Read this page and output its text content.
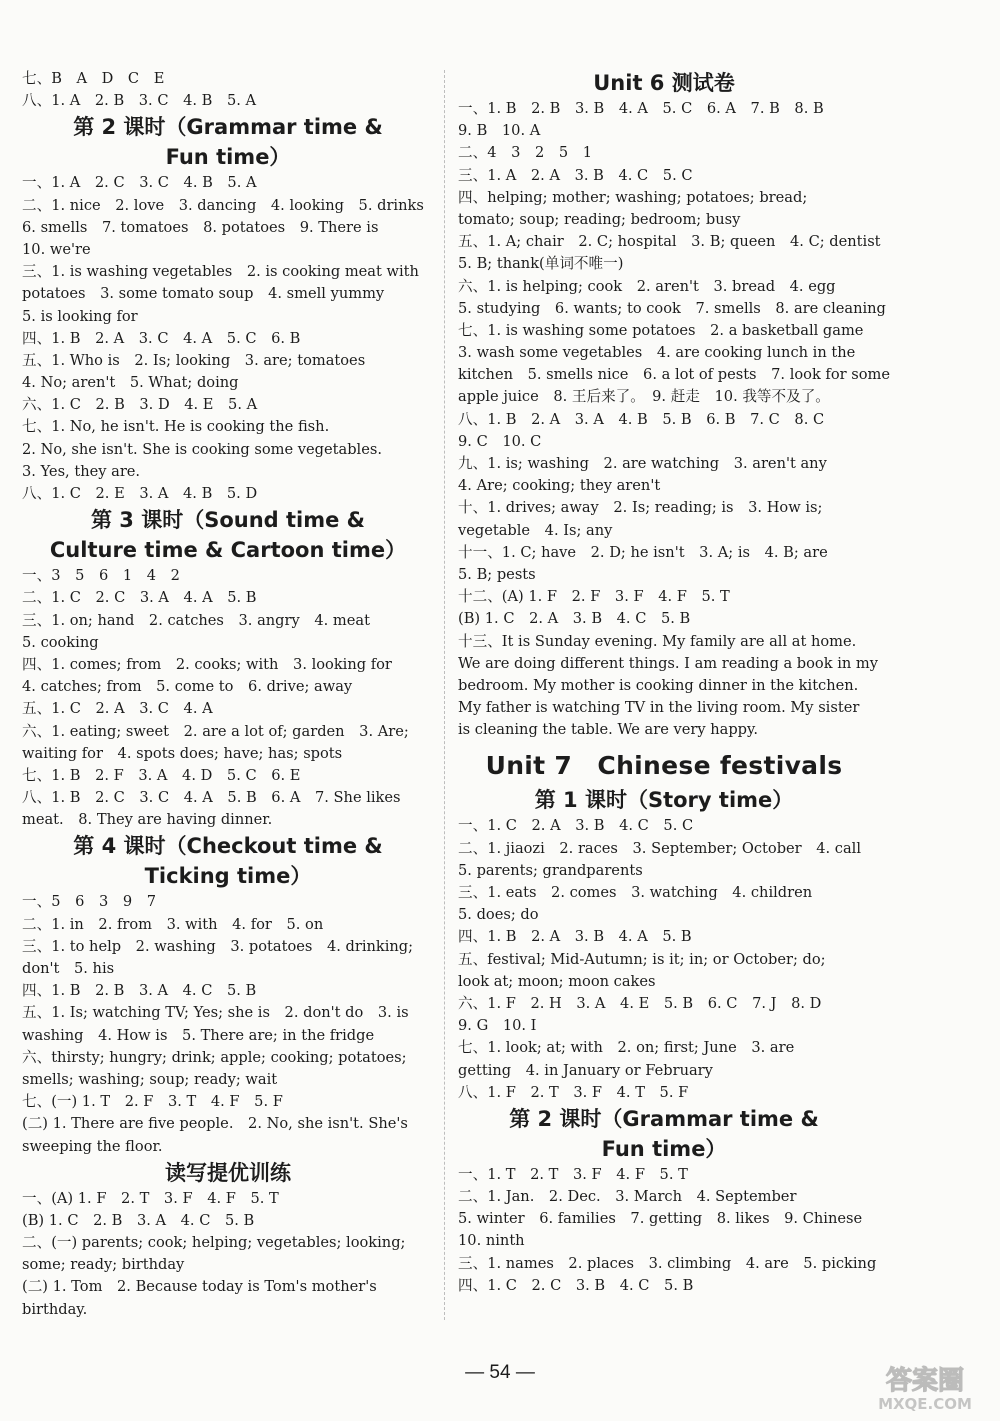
七、B　A　D　C　E
八、1. A　2. B　3. C　4. B　5. A
第 2 课时（Grammar time &
Fun time）
一、1. A　2. C　3. C　4. B　5. A
二、1. nice　2. love　3. dancing　4. looking　5. drinks
6. smells　7. tomatoes　8. potatoes　9. There is
10. we're
三、1. is washing vegetables　2. is cooking meat with
potatoes　3. some tomato soup　4. smell yummy
5. is looking for
四、1. B　2. A　3. C　4. A　5. C　6. B
五、1. Who is　2. Is; looking　3. are; tomatoes
4. No; aren't　5. What; doing
六、1. C　2. B　3. D　4. E　5. A
七、1. No, he isn't. He is cooking the fish.
2. No, she isn't. She is cooking some vegetables.
3. Yes, they are.
八、1. C　2. E　3. A　4. B　5. D
第 3 课时（Sound time &
Culture time & Cartoon time）
一、3　5　6　1　4　2
二、1. C　2. C　3. A　4. A　5. B
三、1. on; hand　2. catches　3. angry　4. meat
5. cooking
四、1. comes; from　2. cooks; with　3. looking for
4. catches; from　5. come to　6. drive; away
五、1. C　2. A　3. C　4. A
六、1. eating; sweet　2. are a lot of; garden　3. Are;
waiting for　4. spots does; have; has; spots
七、1. B　2. F　3. A　4. D　5. C　6. E
八、1. B　2. C　3. C　4. A　5. B　6. A　7. She likes
meat.　8. They are having dinner.
第 4 课时（Checkout time &
Ticking time）
一、5　6　3　9　7
二、1. in　2. from　3. with　4. for　5. on
三、1. to help　2. washing　3. potatoes　4. drinking;
don't　5. his
四、1. B　2. B　3. A　4. C　5. B
五、1. Is; watching TV; Yes; she is　2. don't do　3. is
washing　4. How is　5. There are; in the fridge
六、thirsty; hungry; drink; apple; cooking; potatoes;
smells; washing; soup; ready; wait
七、(一) 1. T　2. F　3. T　4. F　5. F
(二) 1. There are five people.　2. No, she isn't. She's
sweeping the floor.
读写提优训练
一、(A) 1. F　2. T　3. F　4. F　5. T
(B) 1. C　2. B　3. A　4. C　5. B
二、(一) parents; cook; helping; vegetables; looking;
some; ready; birthday
(二) 1. Tom　2. Because today is Tom's mother's
birthday.
Unit 6 测试卷
一、1. B　2. B　3. B　4. A　5. C　6. A　7. B　8. B
9. B　10. A
二、4　3　2　5　1
三、1. A　2. A　3. B　4. C　5. C
四、helping; mother; washing; potatoes; bread;
tomato; soup; reading; bedroom; busy
五、1. A; chair　2. C; hospital　3. B; queen　4. C; dentist
5. B; thank(单词不唯一)
六、1. is helping; cook　2. aren't　3. bread　4. egg
5. studying　6. wants; to cook　7. smells　8. are cleaning
七、1. is washing some potatoes　2. a basketball game
3. wash some vegetables　4. are cooking lunch in the
kitchen　5. smells nice　6. a lot of pests　7. look for some
apple juice　8. 王后来了。　9. 赶走　10. 我等不及了。
八、1. B　2. A　3. A　4. B　5. B　6. B　7. C　8. C
9. C　10. C
九、1. is; washing　2. are watching　3. aren't any
4. Are; cooking; they aren't
十、1. drives; away　2. Is; reading; is　3. How is;
vegetable　4. Is; any
十一、1. C; have　2. D; he isn't　3. A; is　4. B; are
5. B; pests
十二、(A) 1. F　2. F　3. F　4. F　5. T
(B) 1. C　2. A　3. B　4. C　5. B
十三、It is Sunday evening. My family are all at home.
We are doing different things. I am reading a book in my
bedroom. My mother is cooking dinner in the kitchen.
My father is watching TV in the living room. My sister
is cleaning the table. We are very happy.
Unit 7　Chinese festivals
第 1 课时（Story time）
一、1. C　2. A　3. B　4. C　5. C
二、1. jiaozi　2. races　3. September; October　4. call
5. parents; grandparents
三、1. eats　2. comes　3. watching　4. children
5. does; do
四、1. B　2. A　3. B　4. A　5. B
五、festival; Mid-Autumn; is it; in; or October; do;
look at; moon; moon cakes
六、1. F　2. H　3. A　4. E　5. B　6. C　7. J　8. D
9. G　10. I
七、1. look; at; with　2. on; first; June　3. are
getting　4. in January or February
八、1. F　2. T　3. F　4. T　5. F
第 2 课时（Grammar time &
Fun time）
一、1. T　2. T　3. F　4. F　5. T
二、1. Jan.　2. Dec.　3. March　4. September
5. winter　6. families　7. getting　8. likes　9. Chinese
10. ninth
三、1. names　2. places　3. climbing　4. are　5. picking
四、1. C　2. C　3. B　4. C　5. B
— 54 —	答案圈
MXQE.COM
